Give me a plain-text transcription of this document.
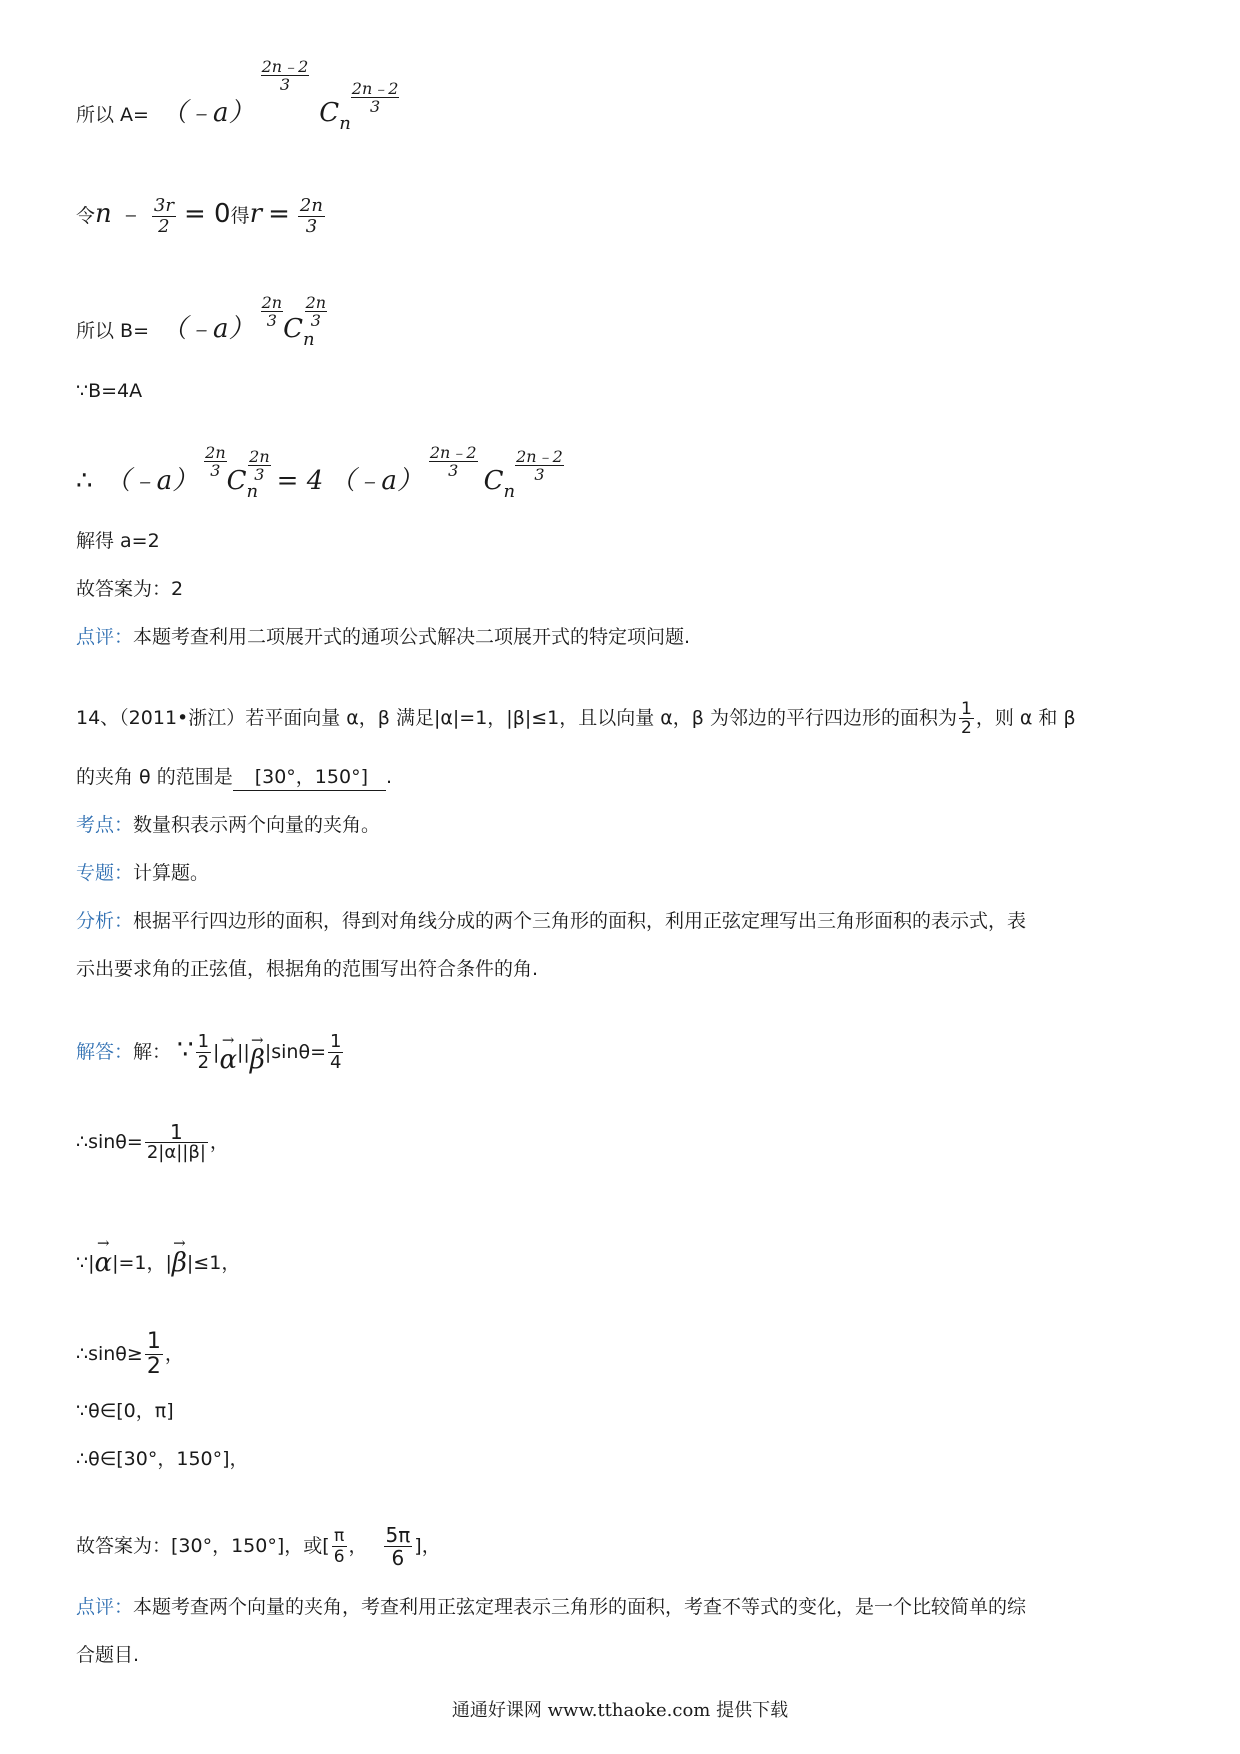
所以 A= （﹣a）
$\frac{2n﹣2}{3}$
Cn
$\frac{2n﹣2}{3}$
令n ﹣ $\frac{3r}{2} = 0$得$r = \frac{2n}{3}$
所以 B= （﹣a） $\frac{2n}{3}$ Cn
$\frac{2n}{3}$
∵B=4A
∴ （﹣a）
$\frac{2n}{3}$
Cn
$\frac{2n}{3} = 4$ （﹣a）
$\frac{2n﹣2}{3}$
Cn
$\frac{2n﹣2}{3}$
解得 a=2
故答案为：2
点评：本题考查利用二项展开式的通项公式解决二项展开式的特定项问题.
14、（2011•浙江）若平面向量 α，β 满足|α|=1，|β|≤1，且以向量 α，β 为邻边的平行四边形的面积为 $\frac{1}{2}$ ，则 α 和 β
的夹角 θ 的范围是 [30°，150°] .
考点：数量积表示两个向量的夹角。
专题：计算题。
分析：根据平行四边形的面积，得到对角线分成的两个三角形的面积，利用正弦定理写出三角形面积的表示式，表
示出要求角的正弦值，根据角的范围写出符合条件的角.
解答：解： ∵ $\frac{1}{2}$ |
→
α ||
→
β $|\sin\theta= \frac{1}{4}$
∴sinθ= $\frac{1}{2|\alpha||\beta|}$ ，
∵|
→
α |=1，|
→
β |≤1，
∴sinθ≥ $\frac{1}{2}$ ，
∵θ∈[0，π]
∴θ∈[30°，150°]，
故答案为：[30°，150°]，或[ $\frac{\pi}{6}$ ， $\frac{5\pi}{6}$ ]，
点评：本题考查两个向量的夹角，考查利用正弦定理表示三角形的面积，考查不等式的变化，是一个比较简单的综
合题目.
通通好课网 www.tthaoke.com 提供下载
